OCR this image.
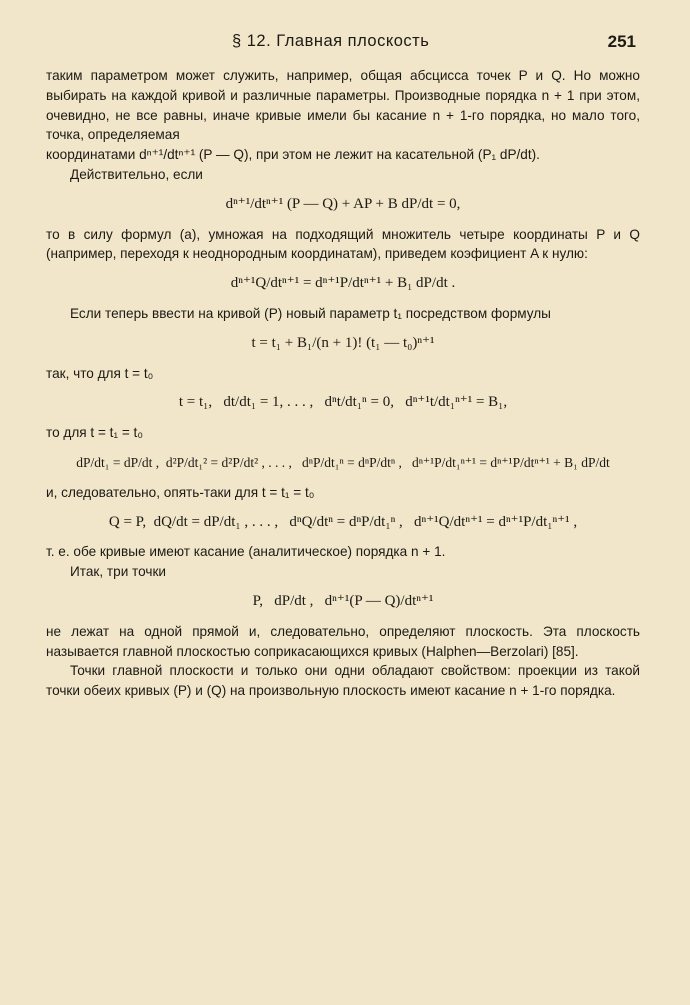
§ 12. Главная плоскость	251

таким параметром может служить, например, общая абсцисса точек P и Q. Но можно выбирать на каждой кривой и различные параметры. Производные порядка n + 1 при этом, очевидно, не все равны, иначе кривые имели бы касание n + 1-го порядка, но мало того, точка, определяемая

координатами dⁿ⁺¹/dtⁿ⁺¹ (P — Q), при этом не лежит на касательной (P₁ dP/dt).

Действительно, если

dⁿ⁺¹/dtⁿ⁺¹ (P — Q) + AP + B dP/dt = 0,

то в силу формул (а), умножая на подходящий множитель четыре координаты P и Q (например, переходя к неоднородным координатам), приведем коэфициент A к нулю:

dⁿ⁺¹Q/dtⁿ⁺¹ = dⁿ⁺¹P/dtⁿ⁺¹ + B₁ dP/dt .

Если теперь ввести на кривой (P) новый параметр t₁ посредством формулы

t = t₁ + B₁/(n + 1)! (t₁ — t₀)ⁿ⁺¹

так, что для t = t₀

t = t₁,   dt/dt₁ = 1, . . . ,   dⁿt/dt₁ⁿ = 0,   dⁿ⁺¹t/dt₁ⁿ⁺¹ = B₁,

то для t = t₁ = t₀

dP/dt₁ = dP/dt ,  d²P/dt₁² = d²P/dt² , . . . ,   dⁿP/dt₁ⁿ = dⁿP/dtⁿ ,   dⁿ⁺¹P/dt₁ⁿ⁺¹ = dⁿ⁺¹P/dtⁿ⁺¹ + B₁ dP/dt

и, следовательно, опять-таки для t = t₁ = t₀

Q = P,  dQ/dt = dP/dt₁ , . . . ,   dⁿQ/dtⁿ = dⁿP/dt₁ⁿ ,   dⁿ⁺¹Q/dtⁿ⁺¹ = dⁿ⁺¹P/dt₁ⁿ⁺¹ ,

т. е. обе кривые имеют касание (аналитическое) порядка n + 1.

Итак, три точки

P,   dP/dt ,   dⁿ⁺¹(P — Q)/dtⁿ⁺¹

не лежат на одной прямой и, следовательно, определяют плоскость. Эта плоскость называется главной плоскостью соприкасающихся кривых (Halphen—Berzolari) [85].

Точки главной плоскости и только они одни обладают свойством: проекции из такой точки обеих кривых (P) и (Q) на произвольную плоскость имеют касание n + 1-го порядка.
